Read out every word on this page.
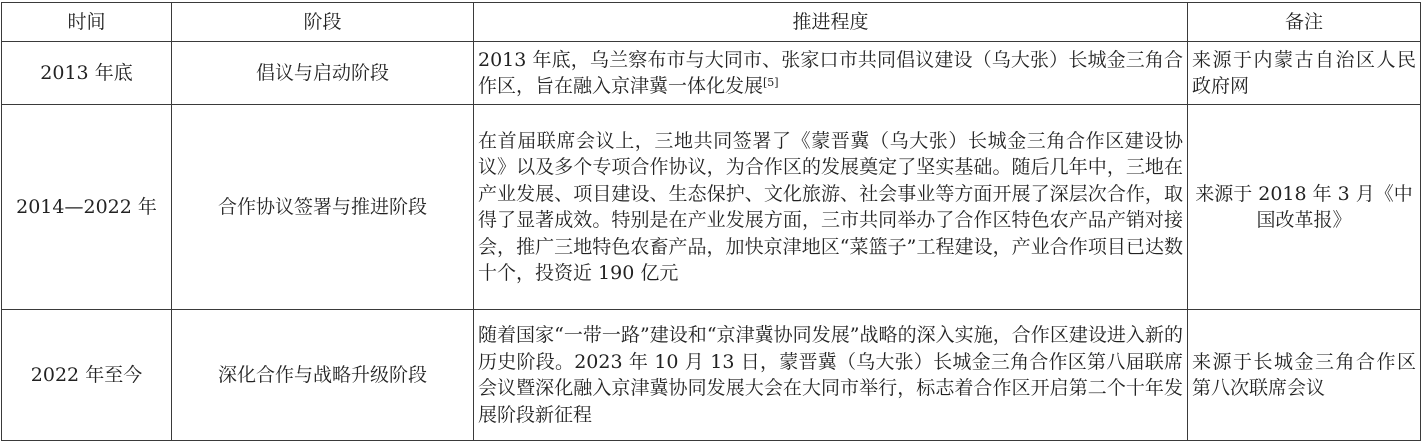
时间	阶段	推进程度	备注
2013 年底	倡议与启动阶段	2013 年底，乌兰察布市与大同市、张家口市共同倡议建设（乌大张）长城金三角合作区，旨在融入京津冀一体化发展[5]	来源于内蒙古自治区人民政府网
2014—2022 年	合作协议签署与推进阶段	在首届联席会议上，三地共同签署了《蒙晋冀（乌大张）长城金三角合作区建设协议》以及多个专项合作协议，为合作区的发展奠定了坚实基础。随后几年中，三地在产业发展、项目建设、生态保护、文化旅游、社会事业等方面开展了深层次合作，取得了显著成效。特别是在产业发展方面，三市共同举办了合作区特色农产品产销对接会，推广三地特色农畜产品，加快京津地区“菜篮子”工程建设，产业合作项目已达数十个，投资近 190 亿元	来源于 2018 年 3 月《中国改革报》
2022 年至今	深化合作与战略升级阶段	随着国家“一带一路”建设和“京津冀协同发展”战略的深入实施，合作区建设进入新的历史阶段。2023 年 10 月 13 日，蒙晋冀（乌大张）长城金三角合作区第八届联席会议暨深化融入京津冀协同发展大会在大同市举行，标志着合作区开启第二个十年发展阶段新征程	来源于长城金三角合作区第八次联席会议
